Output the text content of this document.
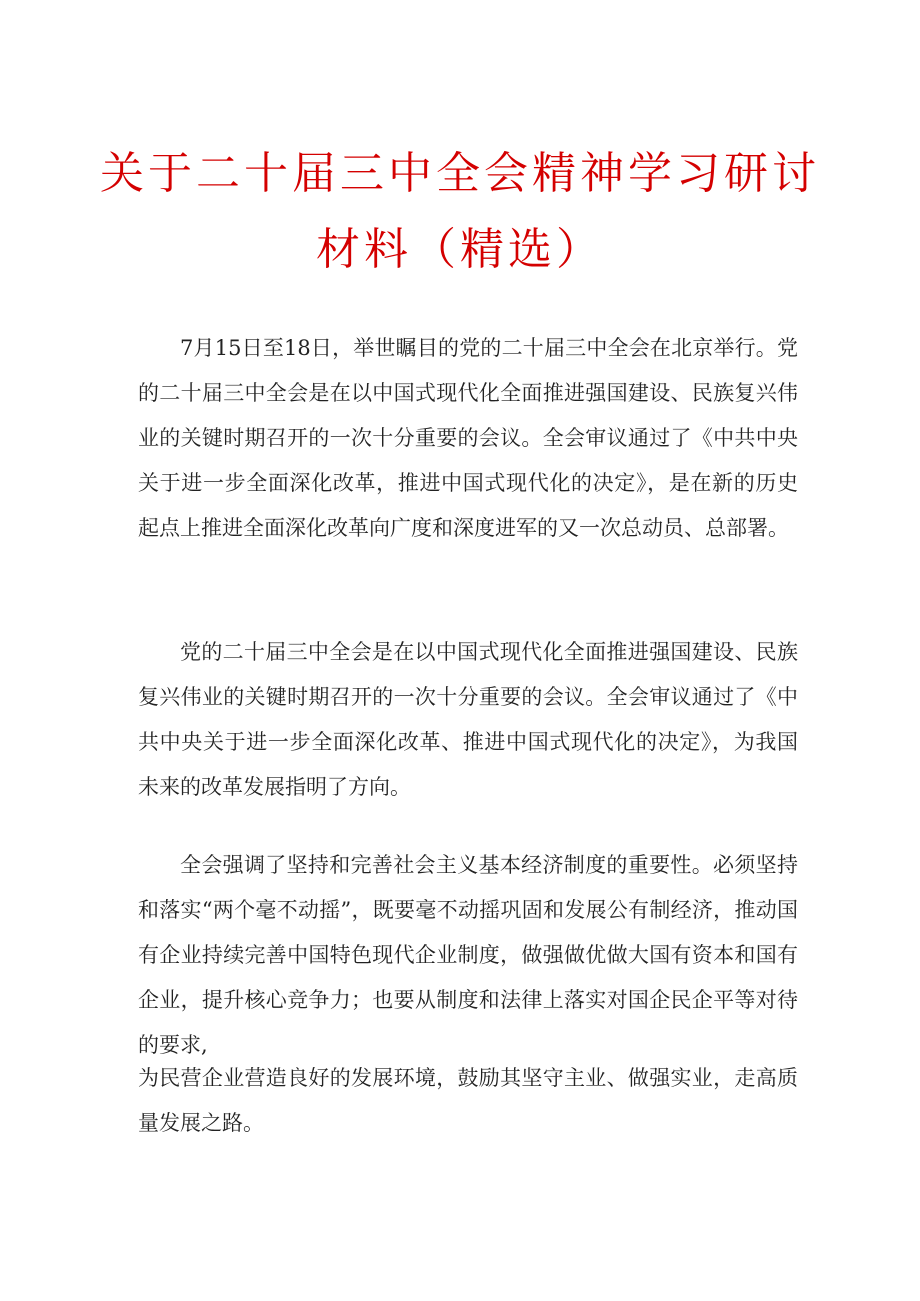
关于二十届三中全会精神学习研讨
材料（精选）

7月15日至18日，举世瞩目的党的二十届三中全会在北京举行。党的二十届三中全会是在以中国式现代化全面推进强国建设、民族复兴伟业的关键时期召开的一次十分重要的会议。全会审议通过了《中共中央关于进一步全面深化改革，推进中国式现代化的决定》，是在新的历史起点上推进全面深化改革向广度和深度进军的又一次总动员、总部署。

党的二十届三中全会是在以中国式现代化全面推进强国建设、民族复兴伟业的关键时期召开的一次十分重要的会议。全会审议通过了《中共中央关于进一步全面深化改革、推进中国式现代化的决定》，为我国未来的改革发展指明了方向。

全会强调了坚持和完善社会主义基本经济制度的重要性。必须坚持和落实“两个毫不动摇”，既要毫不动摇巩固和发展公有制经济，推动国有企业持续完善中国特色现代企业制度，做强做优做大国有资本和国有企业，提升核心竞争力；也要从制度和法律上落实对国企民企平等对待的要求,

为民营企业营造良好的发展环境，鼓励其坚守主业、做强实业，走高质量发展之路。
